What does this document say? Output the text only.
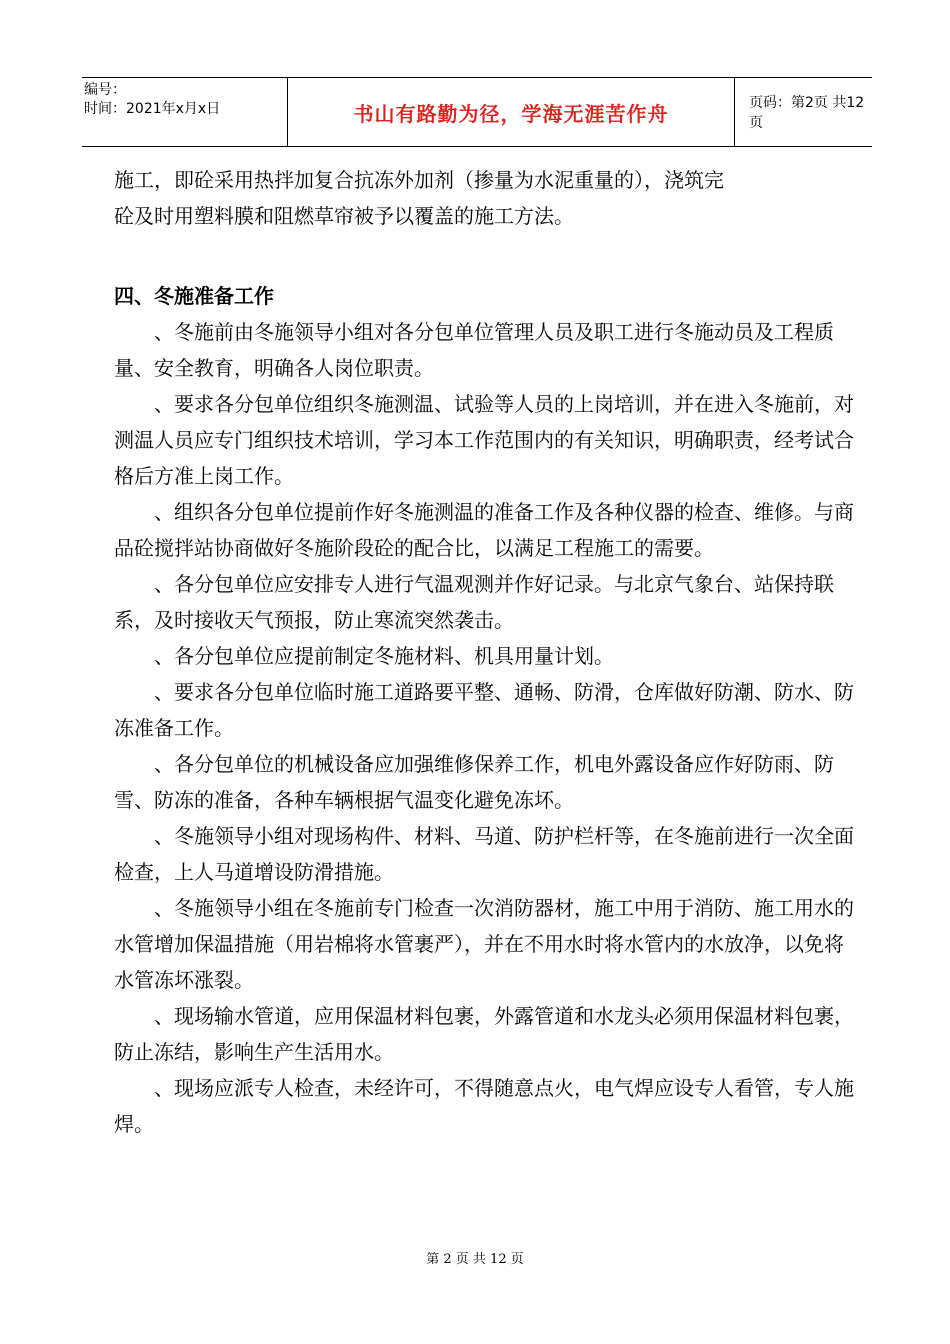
编号：
时间：2021年x月x日	书山有路勤为径，学海无涯苦作舟	页码：第2页 共12页

施工，即砼采用热拌加复合抗冻外加剂（掺量为水泥重量的），浇筑完

砼及时用塑料膜和阻燃草帘被予以覆盖的施工方法。

四、冬施准备工作

、冬施前由冬施领导小组对各分包单位管理人员及职工进行冬施动员及工程质量、安全教育，明确各人岗位职责。

、要求各分包单位组织冬施测温、试验等人员的上岗培训，并在进入冬施前，对测温人员应专门组织技术培训，学习本工作范围内的有关知识，明确职责，经考试合格后方准上岗工作。

、组织各分包单位提前作好冬施测温的准备工作及各种仪器的检查、维修。与商品砼搅拌站协商做好冬施阶段砼的配合比，以满足工程施工的需要。

、各分包单位应安排专人进行气温观测并作好记录。与北京气象台、站保持联系，及时接收天气预报，防止寒流突然袭击。

、各分包单位应提前制定冬施材料、机具用量计划。

、要求各分包单位临时施工道路要平整、通畅、防滑，仓库做好防潮、防水、防冻准备工作。

、各分包单位的机械设备应加强维修保养工作，机电外露设备应作好防雨、防雪、防冻的准备，各种车辆根据气温变化避免冻坏。

、冬施领导小组对现场构件、材料、马道、防护栏杆等，在冬施前进行一次全面检查，上人马道增设防滑措施。

、冬施领导小组在冬施前专门检查一次消防器材，施工中用于消防、施工用水的水管增加保温措施（用岩棉将水管裹严），并在不用水时将水管内的水放净，以免将水管冻坏涨裂。

、现场输水管道，应用保温材料包裹，外露管道和水龙头必须用保温材料包裹，防止冻结，影响生产生活用水。

、现场应派专人检查，未经许可，不得随意点火，电气焊应设专人看管，专人施焊。

第 2 页 共 12 页
